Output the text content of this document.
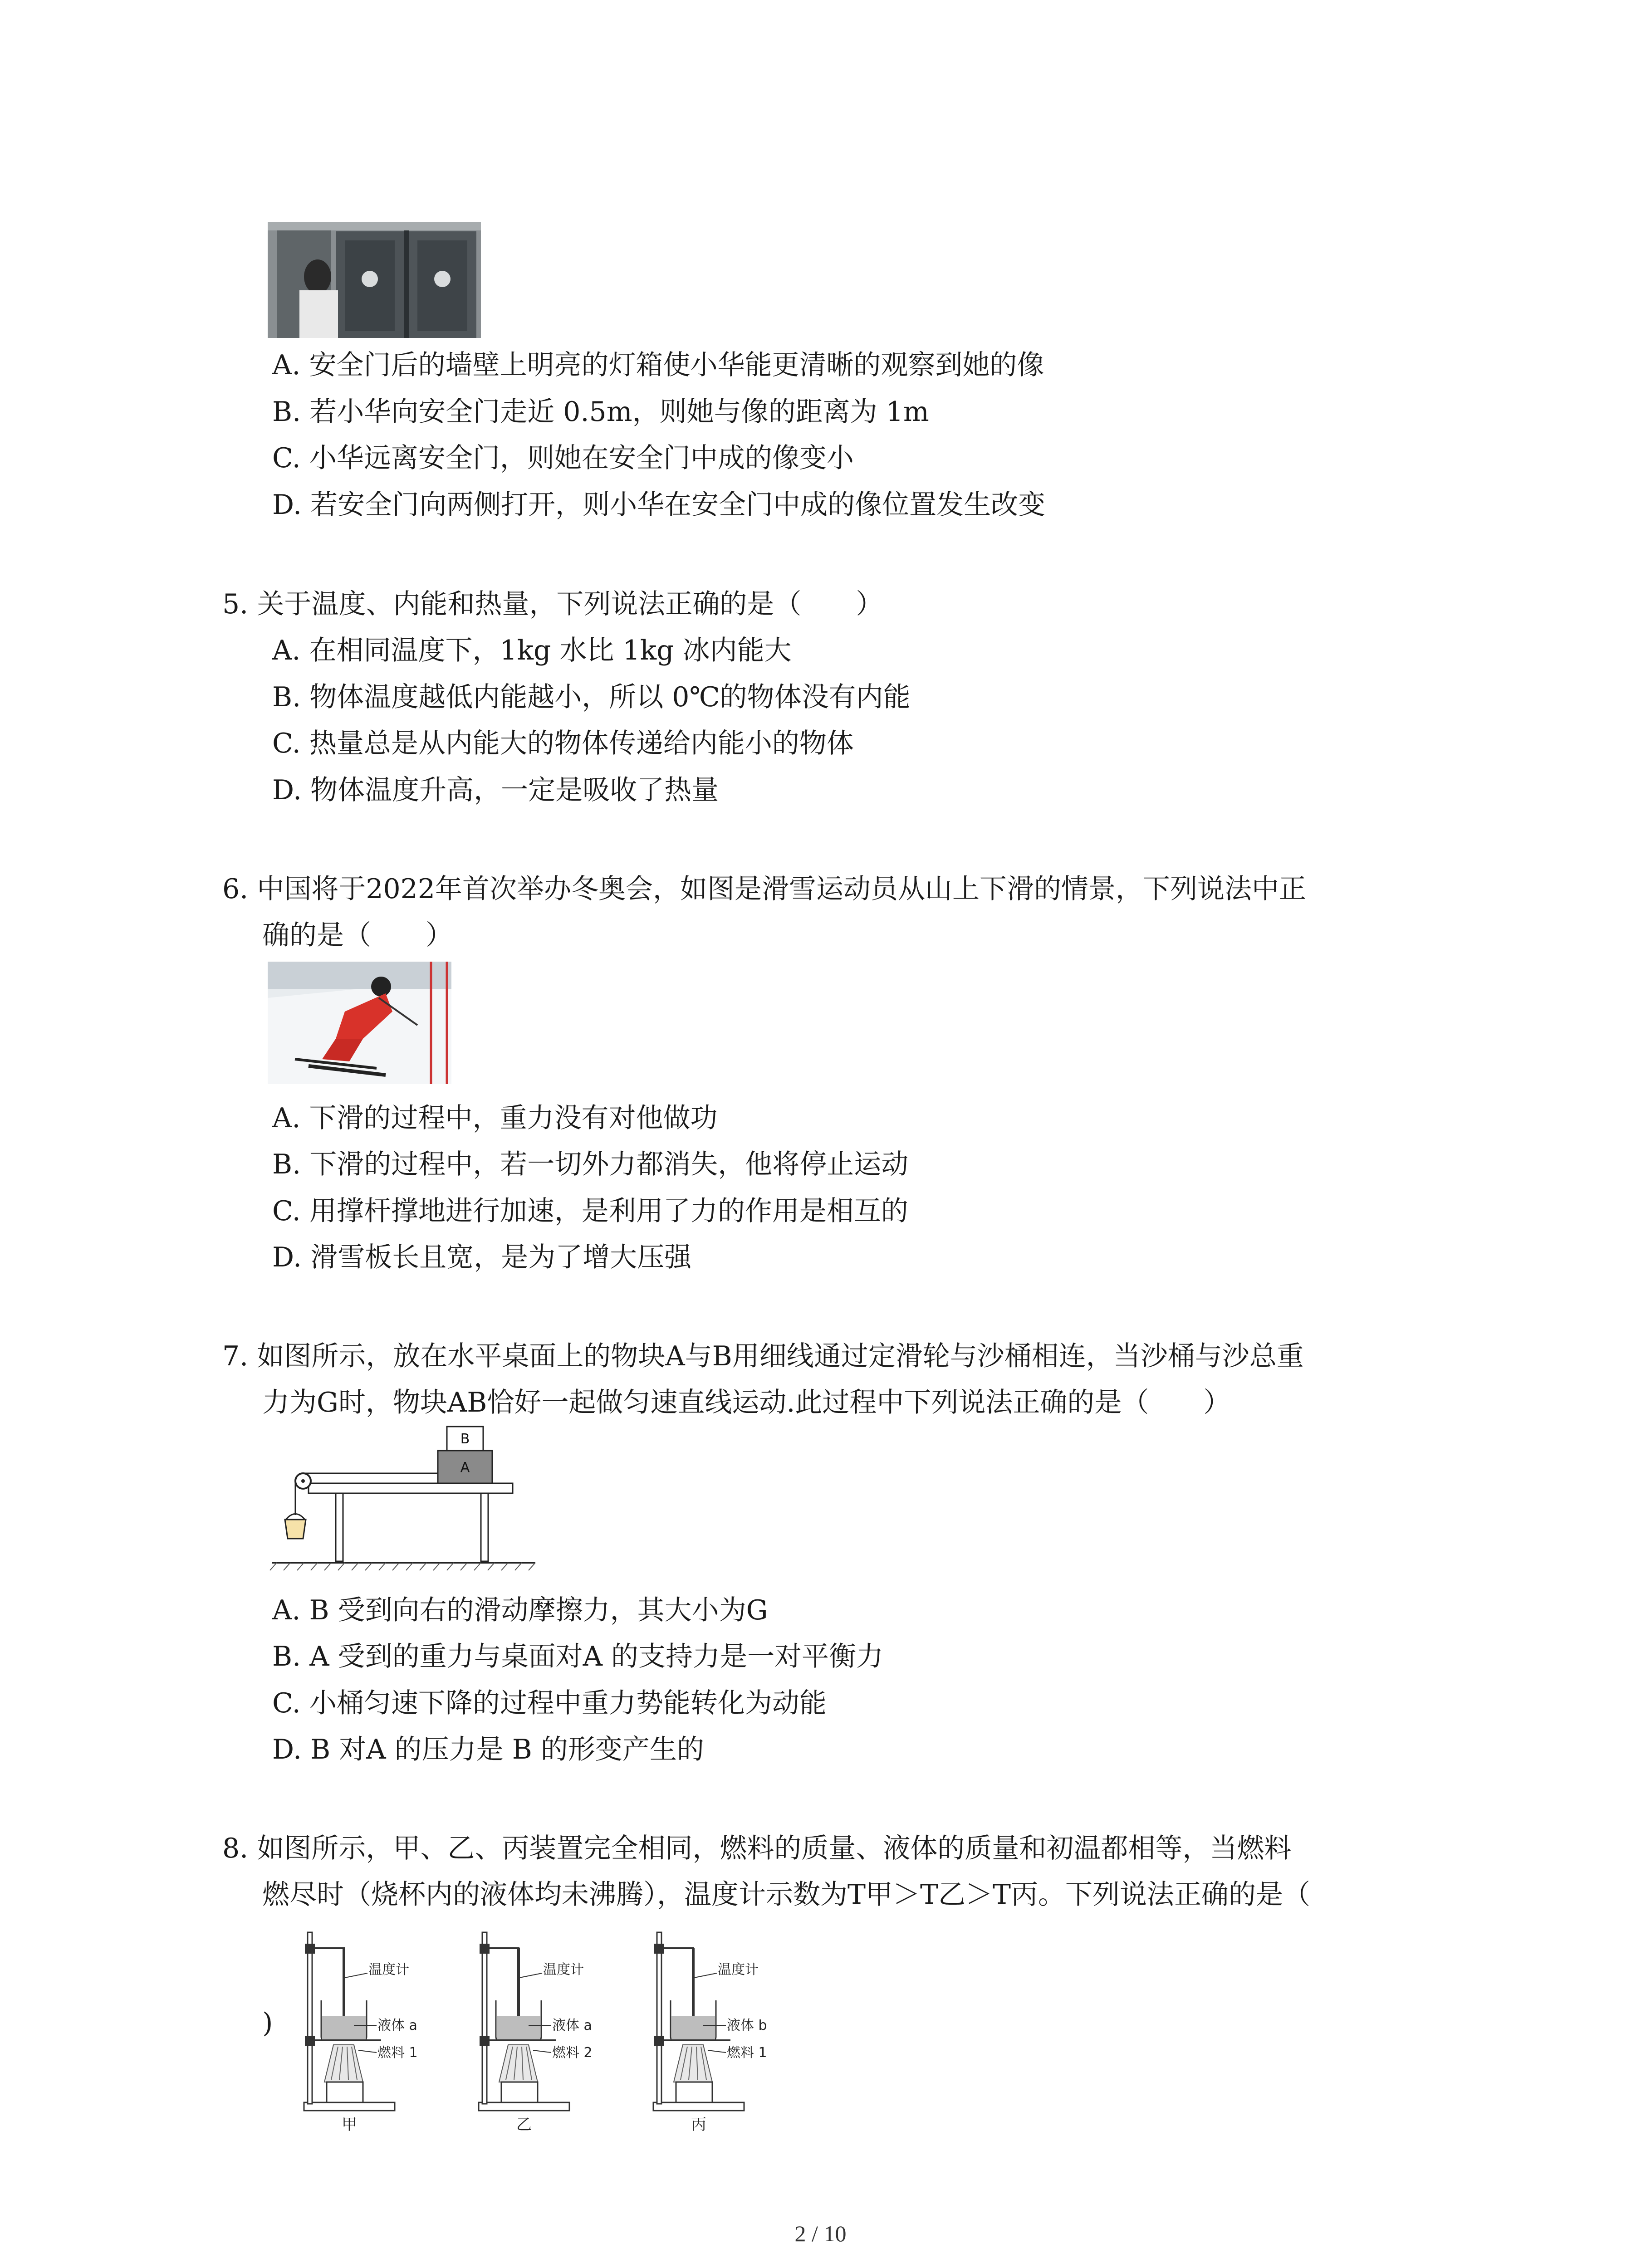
A. 安全门后的墙壁上明亮的灯箱使小华能更清晰的观察到她的像
B. 若小华向安全门走近 0.5m，则她与像的距离为 1m
C. 小华远离安全门，则她在安全门中成的像变小
D. 若安全门向两侧打开，则小华在安全门中成的像位置发生改变
5. 关于温度、内能和热量，下列说法正确的是（　　）
A. 在相同温度下，1kg 水比 1kg 冰内能大
B. 物体温度越低内能越小，所以 0℃的物体没有内能
C. 热量总是从内能大的物体传递给内能小的物体
D. 物体温度升高，一定是吸收了热量
6. 中国将于2022年首次举办冬奥会，如图是滑雪运动员从山上下滑的情景，下列说法中正
确的是（　　）
A. 下滑的过程中，重力没有对他做功
B. 下滑的过程中，若一切外力都消失，他将停止运动
C. 用撑杆撑地进行加速，是利用了力的作用是相互的
D. 滑雪板长且宽，是为了增大压强
7. 如图所示，放在水平桌面上的物块A与B用细线通过定滑轮与沙桶相连，当沙桶与沙总重
力为G时，物块AB恰好一起做匀速直线运动.此过程中下列说法正确的是（　　）
A
B
A. B 受到向右的滑动摩擦力，其大小为G
B. A 受到的重力与桌面对A 的支持力是一对平衡力
C. 小桶匀速下降的过程中重力势能转化为动能
D. B 对A 的压力是 B 的形变产生的
8. 如图所示，甲、乙、丙装置完全相同，燃料的质量、液体的质量和初温都相等，当燃料
燃尽时（烧杯内的液体均未沸腾），温度计示数为T甲＞T乙＞T丙。下列说法正确的是（
)
温度计
液体 a
燃料 1
甲
温度计
液体 a
燃料 2
乙
温度计
液体 b
燃料 1
丙
2 / 10
